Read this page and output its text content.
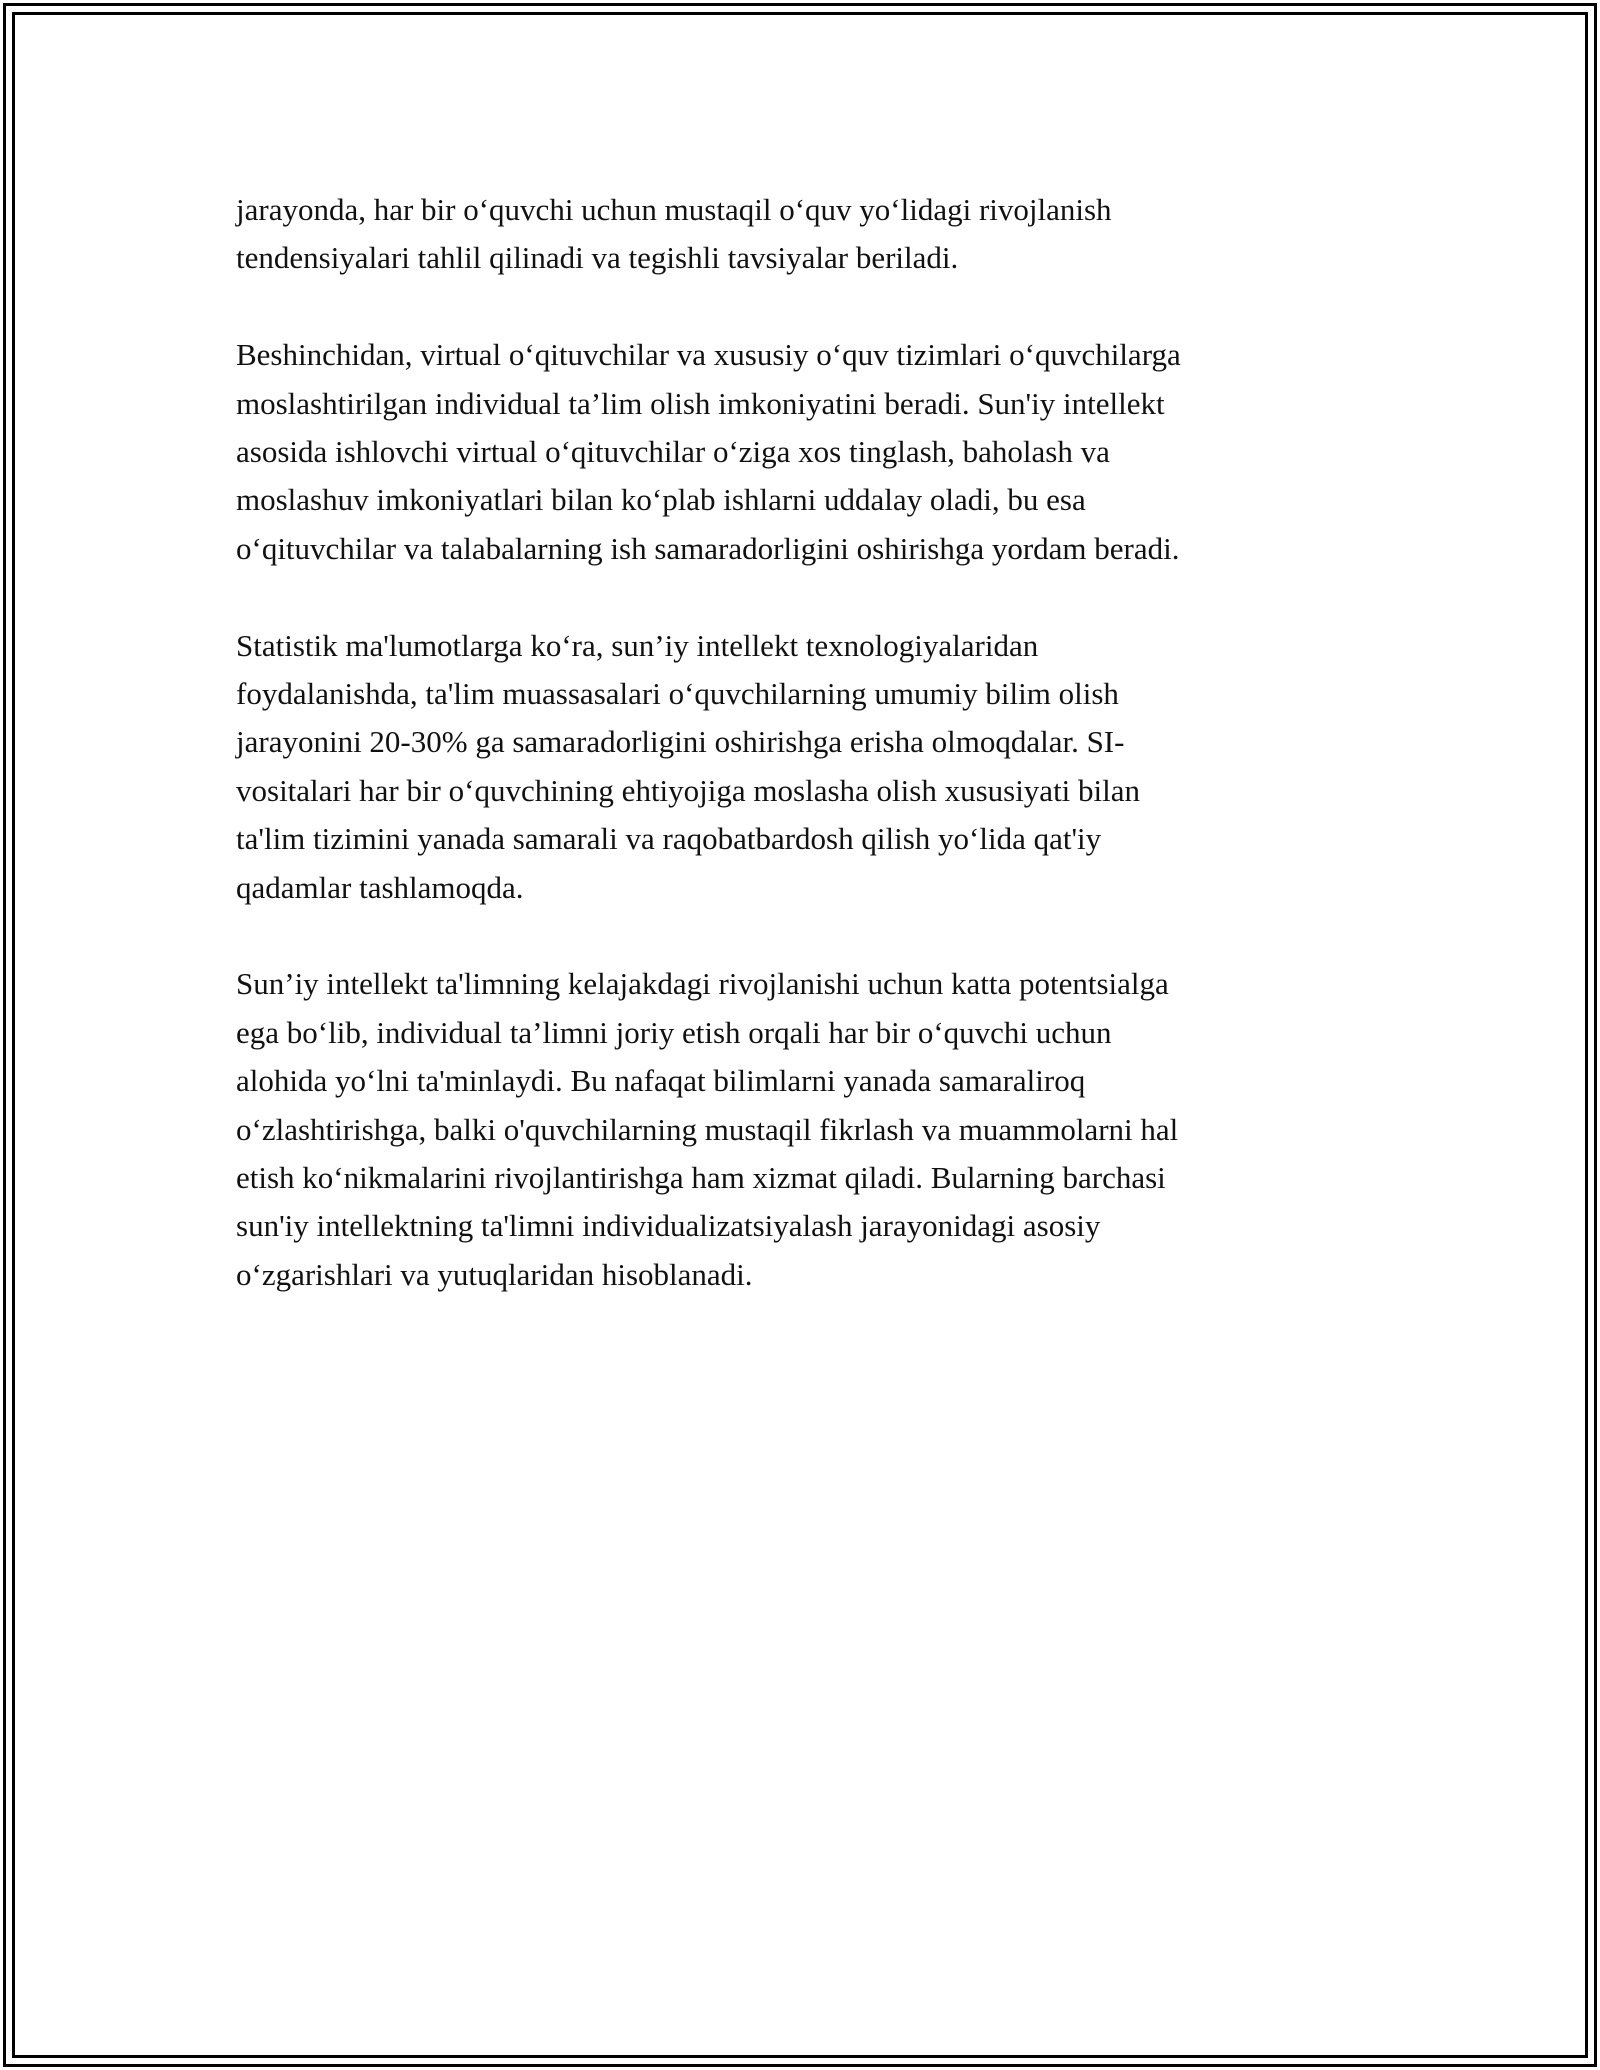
jarayonda, har bir o‘quvchi uchun mustaqil o‘quv yo‘lidagi rivojlanish
tendensiyalari tahlil qilinadi va tegishli tavsiyalar beriladi.

Beshinchidan, virtual o‘qituvchilar va xususiy o‘quv tizimlari o‘quvchilarga
moslashtirilgan individual ta’lim olish imkoniyatini beradi. Sun'iy intellekt
asosida ishlovchi virtual o‘qituvchilar o‘ziga xos tinglash, baholash va
moslashuv imkoniyatlari bilan ko‘plab ishlarni uddalay oladi, bu esa
o‘qituvchilar va talabalarning ish samaradorligini oshirishga yordam beradi.

Statistik ma'lumotlarga ko‘ra, sun’iy intellekt texnologiyalaridan
foydalanishda, ta'lim muassasalari o‘quvchilarning umumiy bilim olish
jarayonini 20-30% ga samaradorligini oshirishga erisha olmoqdalar. SI-
vositalari har bir o‘quvchining ehtiyojiga moslasha olish xususiyati bilan
ta'lim tizimini yanada samarali va raqobatbardosh qilish yo‘lida qat'iy
qadamlar tashlamoqda.

Sun’iy intellekt ta'limning kelajakdagi rivojlanishi uchun katta potentsialga
ega bo‘lib, individual ta’limni joriy etish orqali har bir o‘quvchi uchun
alohida yo‘lni ta'minlaydi. Bu nafaqat bilimlarni yanada samaraliroq
o‘zlashtirishga, balki o'quvchilarning mustaqil fikrlash va muammolarni hal
etish ko‘nikmalarini rivojlantirishga ham xizmat qiladi. Bularning barchasi
sun'iy intellektning ta'limni individualizatsiyalash jarayonidagi asosiy
o‘zgarishlari va yutuqlaridan hisoblanadi.
